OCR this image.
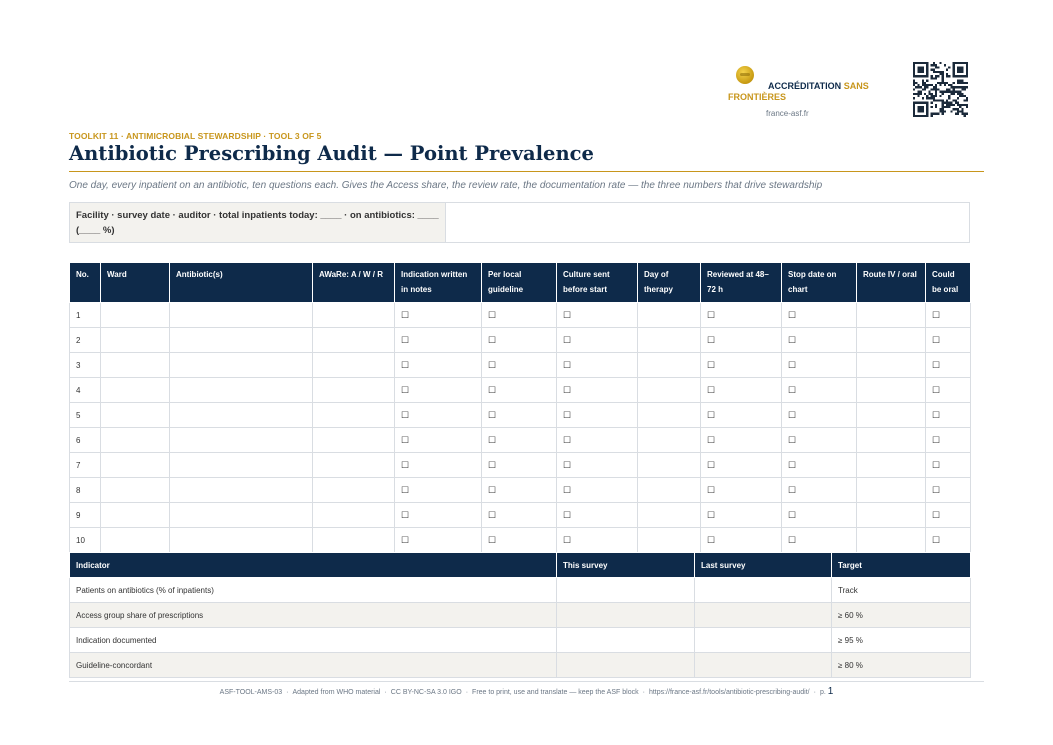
ACCRÉDITATION SANS FRONTIÈRES
france-asf.fr
TOOLKIT 11 · ANTIMICROBIAL STEWARDSHIP · TOOL 3 OF 5
Antibiotic Prescribing Audit — Point Prevalence
One day, every inpatient on an antibiotic, ten questions each. Gives the Access share, the review rate, the documentation rate — the three numbers that drive stewardship
Facility · survey date · auditor · total inpatients today: ____ · on antibiotics: ____ (____ %)
No.	Ward	Antibiotic(s)	AWaRe: A / W / R	Indication written in notes	Per local guideline	Culture sent before start	Day of therapy	Reviewed at 48–72 h	Stop date on chart	Route IV / oral	Could be oral
1				☐	☐	☐		☐	☐		☐
2				☐	☐	☐		☐	☐		☐
3				☐	☐	☐		☐	☐		☐
4				☐	☐	☐		☐	☐		☐
5				☐	☐	☐		☐	☐		☐
6				☐	☐	☐		☐	☐		☐
7				☐	☐	☐		☐	☐		☐
8				☐	☐	☐		☐	☐		☐
9				☐	☐	☐		☐	☐		☐
10				☐	☐	☐		☐	☐		☐
Indicator	This survey	Last survey	Target
Patients on antibiotics (% of inpatients)			Track
Access group share of prescriptions			≥ 60 %
Indication documented			≥ 95 %
Guideline-concordant			≥ 80 %
ASF-TOOL-AMS-03 · Adapted from WHO material · CC BY-NC-SA 3.0 IGO · Free to print, use and translate — keep the ASF block · https://france-asf.fr/tools/antibiotic-prescribing-audit/ · p. 1
